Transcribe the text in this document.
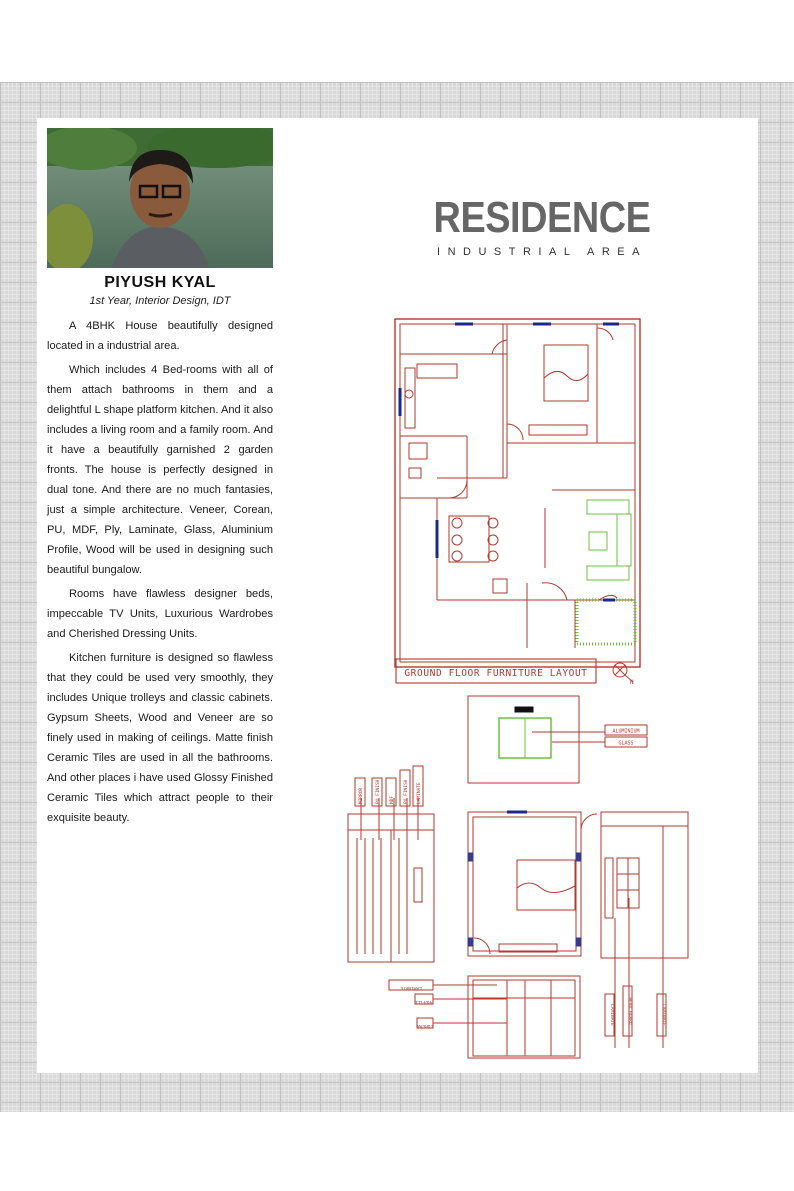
PIYUSH KYAL
1st Year, Interior Design, IDT

A 4BHK House beautifully designed located in a industrial area.

Which includes 4 Bed-rooms with all of them attach bathrooms in them and a delightful L shape platform kitchen. And it also includes a living room and a family room. And it have a beautifully garnished 2 garden fronts. The house is perfectly designed in dual tone. And there are no much fantasies, just a simple architecture. Veneer, Corean, PU, MDF, Ply, Laminate, Glass, Aluminium Profile, Wood will be used in designing such beautiful bungalow.

Rooms have flawless designer beds, impeccable TV Units, Luxurious Wardrobes and Cherished Dressing Units.

Kitchen furniture is designed so flawless that they could be used very smoothly, they includes Unique trolleys and classic cabinets. Gypsum Sheets, Wood and Veneer are so finely used in making of ceilings. Matte finish Ceramic Tiles are used in all the bathrooms. And other places i have used Glossy Finished Ceramic Tiles which attract people to their exquisite beauty.

RESIDENCE
INDUSTRIAL AREA
GROUND FLOOR FURNITURE LAYOUT
N
ALUMINIUM
GLASS
MIRROR	PU FINISH MDF PU FINISH LAMINATE
LAMINATE
PROFILE
COREAN	LAMINATE	HEAD BOARD	LAMINATE
